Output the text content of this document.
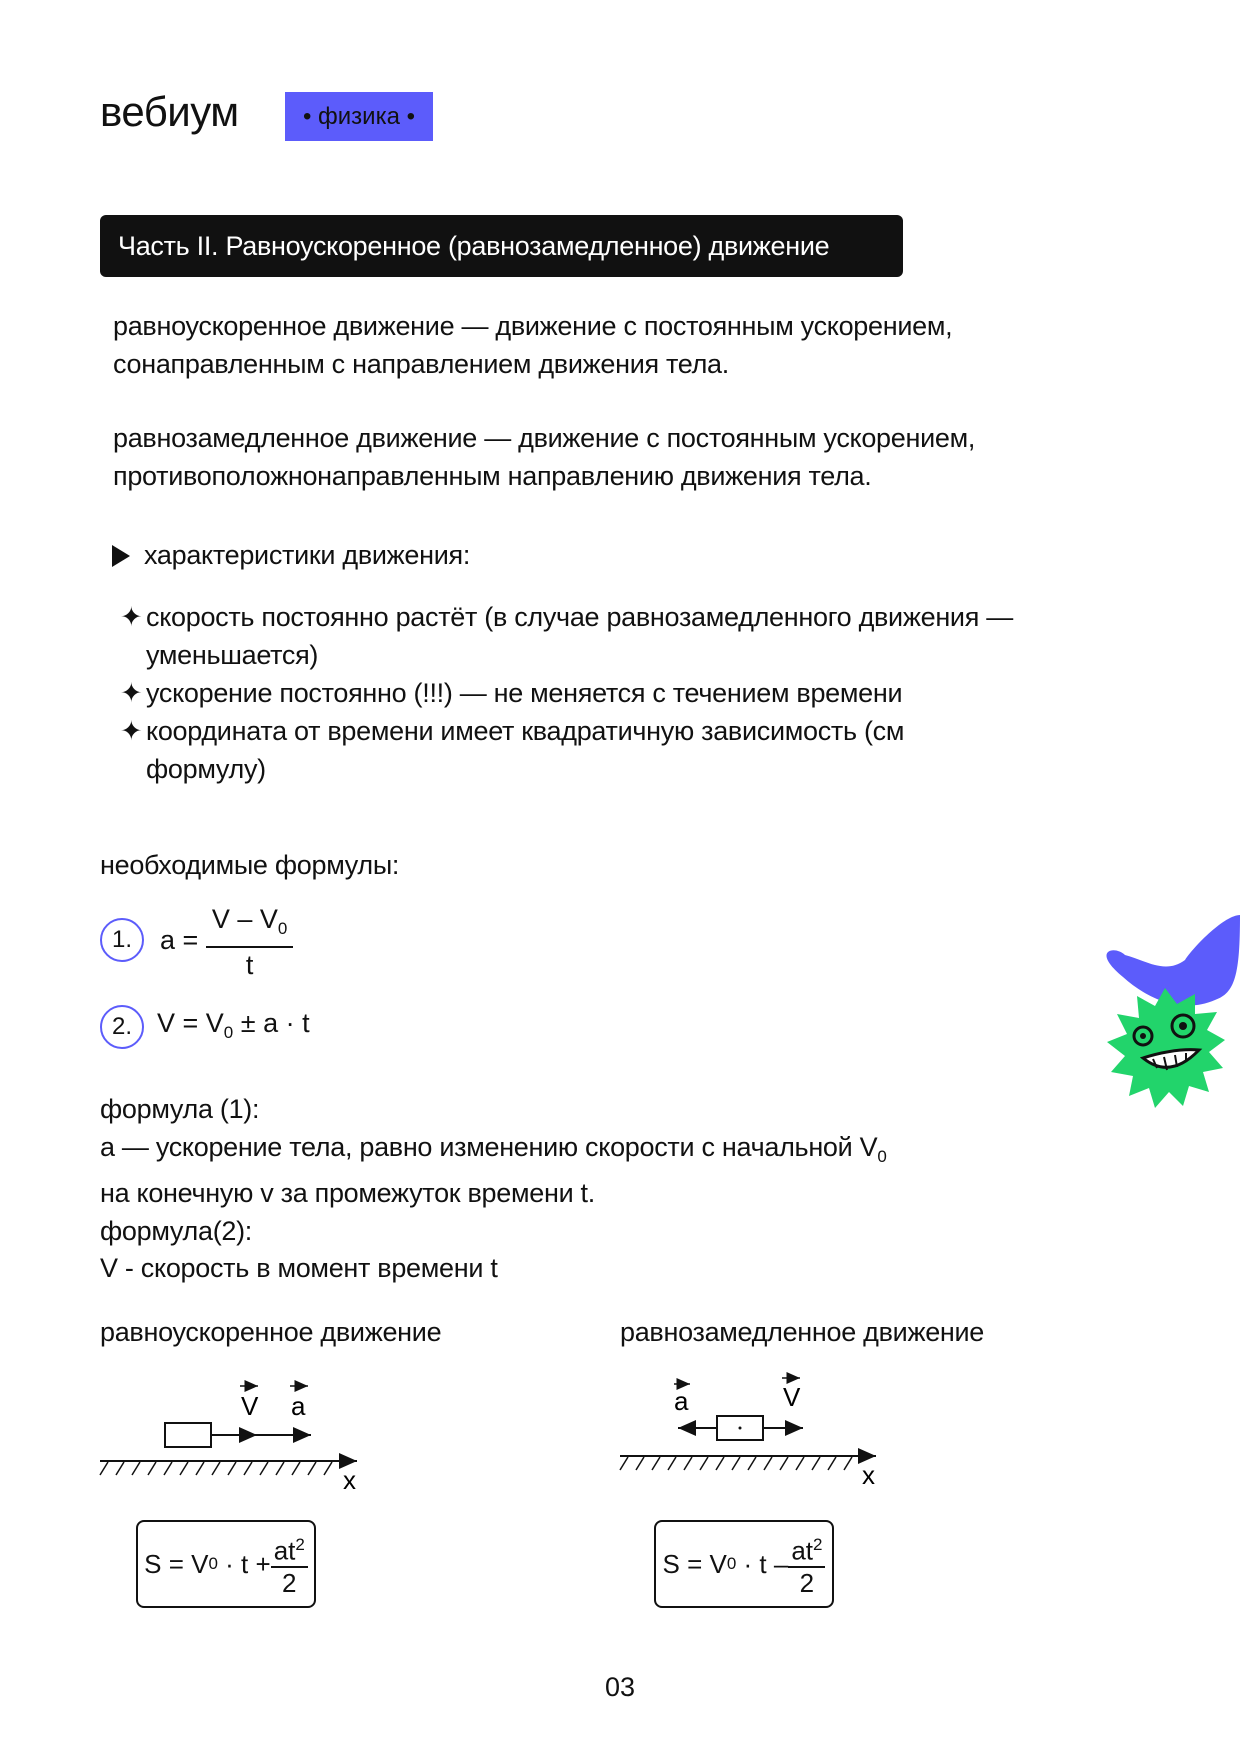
вебиум	• физика •
Часть II. Равноускоренное (равнозамедленное) движение

равноускоренное движение — движение с постоянным ускорением, сонаправленным с направлением движения тела.

равнозамедленное движение — движение с постоянным ускорением, противоположнонаправленным направлению движения тела.

характеристики движения:
✦ скорость постоянно растёт (в случае равнозамедленного движения — уменьшается)
✦ ускорение постоянно (!!!) — не меняется с течением времени
✦ координата от времени имеет квадратичную зависимость (см формулу)
необходимые формулы:
1.	$a = \frac{V - V_0}{t}$
2. $V = V_0 \pm a \cdot t$
формула (1):
a — ускорение тела, равно изменению скорости с начальной $V_0$
на конечную v за промежуток времени t.
формула(2):
V - скорость в момент времени t
равноускоренное движение	равнозамедленное движение
V a
x
a	V
x
S = V 0
· $t + \frac{at^2}{2}$	S = V 0
· t – $\frac{at^2}{2}$
03
